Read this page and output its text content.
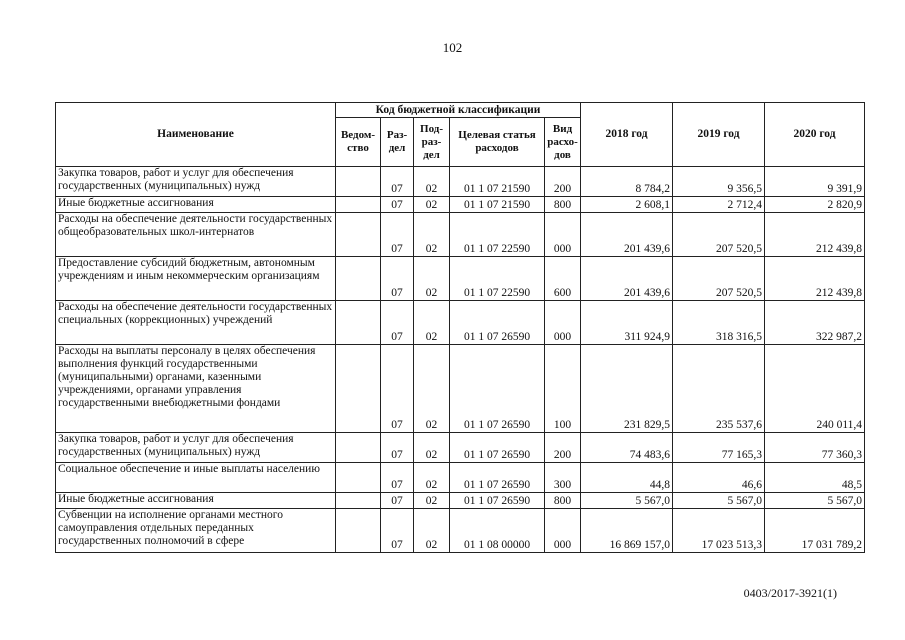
102
Наименование	Код бюджетной классификации					2018 год	2019 год	2020 год
	Ведом-ство	Раз-дел	Под-раз-дел	Целевая статья расходов	Вид расхо-дов			
Закупка товаров, работ и услуг для обеспечения государственных (муниципальных) нужд		07	02	01 1 07 21590	200	8 784,2	9 356,5	9 391,9
Иные бюджетные ассигнования		07	02	01 1 07 21590	800	2 608,1	2 712,4	2 820,9
Расходы на обеспечение деятельности государственных общеобразовательных школ-интернатов		07	02	01 1 07 22590	000	201 439,6	207 520,5	212 439,8
Предоставление субсидий бюджетным, автономным учреждениям и иным некоммерческим организациям		07	02	01 1 07 22590	600	201 439,6	207 520,5	212 439,8
Расходы на обеспечение деятельности государственных специальных (коррекционных) учреждений		07	02	01 1 07 26590	000	311 924,9	318 316,5	322 987,2
Расходы на выплаты персоналу в целях обеспечения выполнения функций государственными (муниципальными) органами, казенными учреждениями, органами управления государственными внебюджетными фондами		07	02	01 1 07 26590	100	231 829,5	235 537,6	240 011,4
Закупка товаров, работ и услуг для обеспечения государственных (муниципальных) нужд		07	02	01 1 07 26590	200	74 483,6	77 165,3	77 360,3
Социальное обеспечение и иные выплаты населению		07	02	01 1 07 26590	300	44,8	46,6	48,5
Иные бюджетные ассигнования		07	02	01 1 07 26590	800	5 567,0	5 567,0	5 567,0
Субвенции на исполнение органами местного самоуправления отдельных переданных государственных полномочий в сфере		07	02	01 1 08 00000	000	16 869 157,0	17 023 513,3	17 031 789,2
0403/2017-3921(1)
